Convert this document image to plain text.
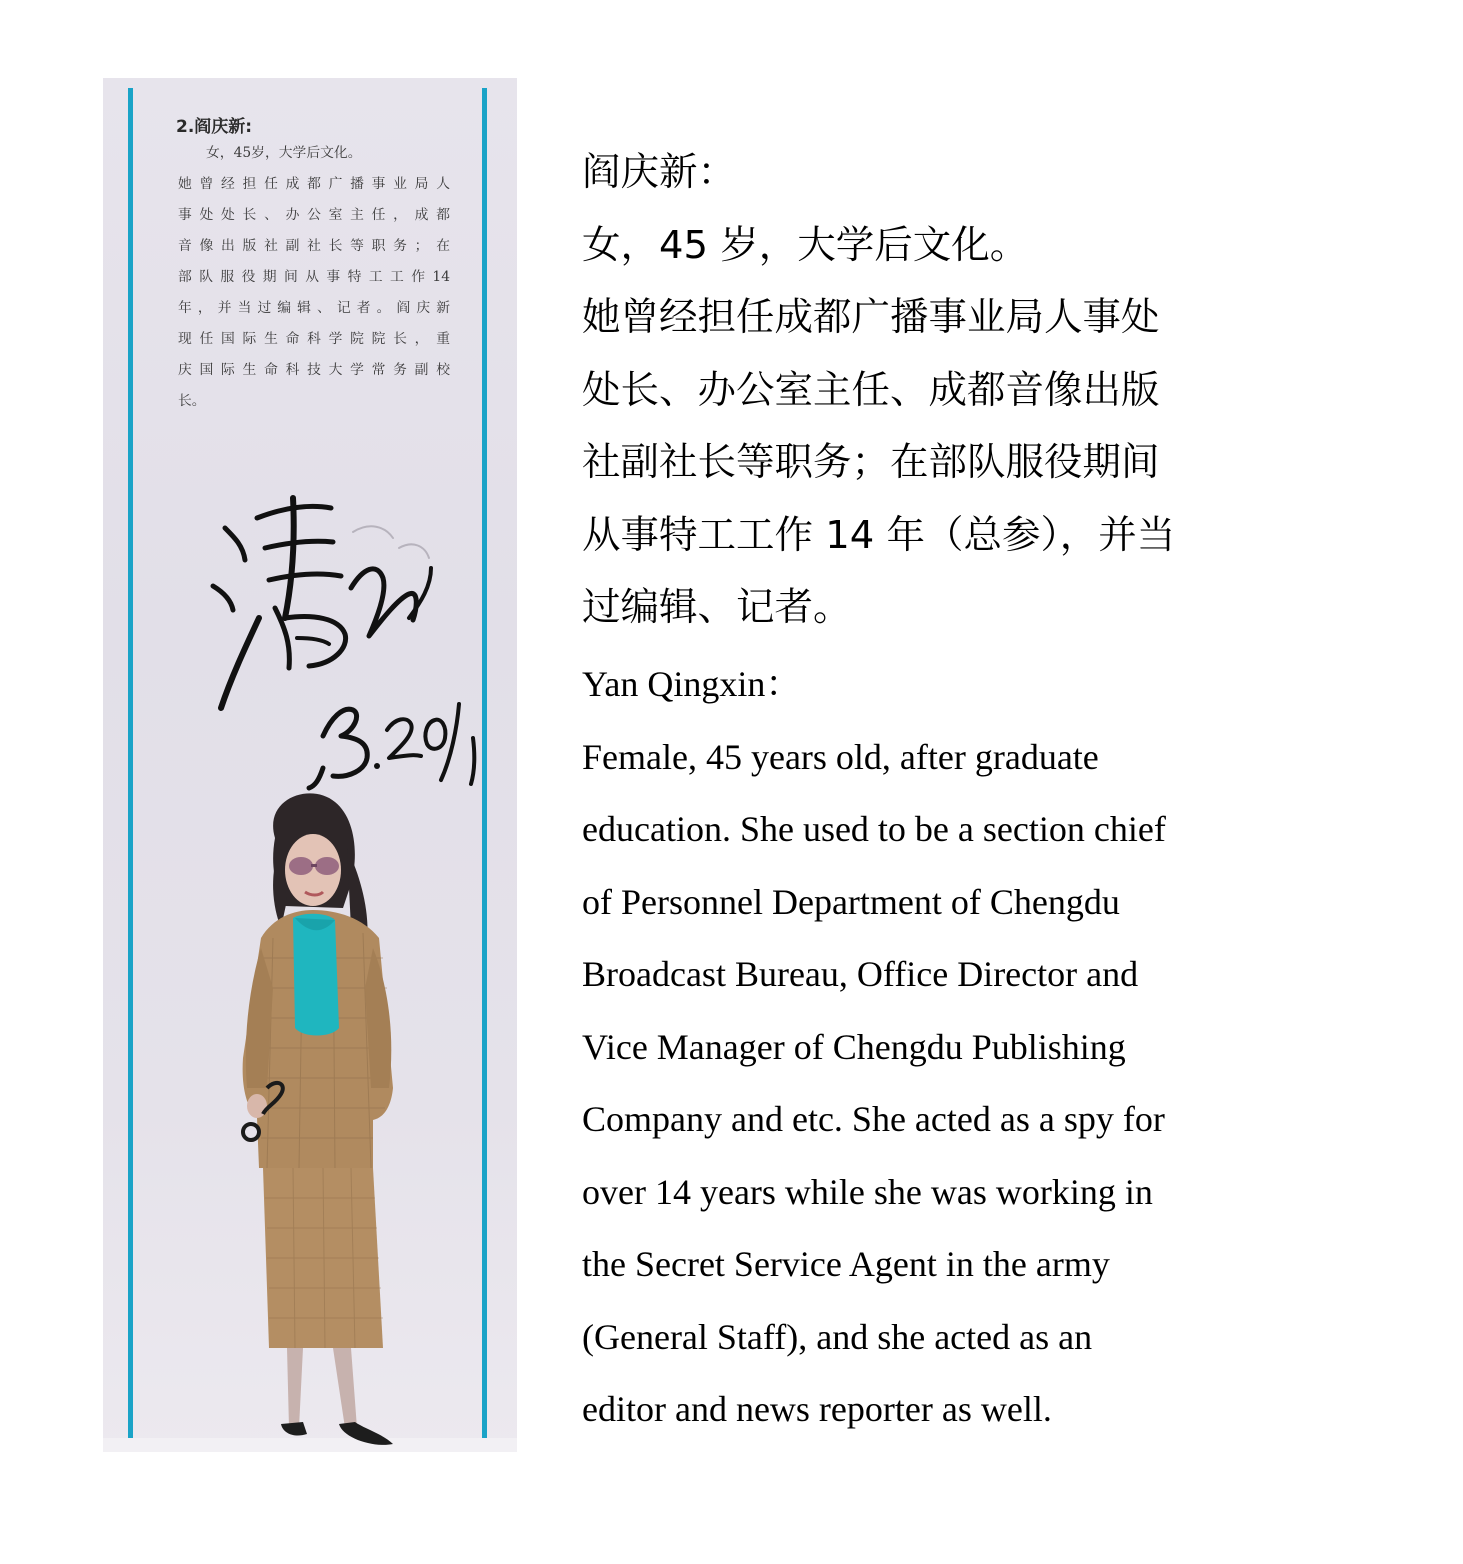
2.阎庆新:
女，45岁，大学后文化。
她曾经担任成都广播事业局人
事处处长、办公室主任，成都
音像出版社副社长等职务；在
部队服役期间从事特工工作14
年，并当过编辑、记者。阎庆新
现任国际生命科学院院长，重
庆国际生命科技大学常务副校
长。
阎庆新：
女，45 岁，大学后文化。
她曾经担任成都广播事业局人事处
处长、办公室主任、成都音像出版
社副社长等职务；在部队服役期间
从事特工工作 14 年（总参），并当
过编辑、记者。
Yan Qingxin：
Female, 45 years old, after graduate
education. She used to be a section chief
of Personnel Department of Chengdu
Broadcast Bureau, Office Director and
Vice Manager of Chengdu Publishing
Company and etc. She acted as a spy for
over 14 years while she was working in
the Secret Service Agent in the army
(General Staff), and she acted as an
editor and news reporter as well.
